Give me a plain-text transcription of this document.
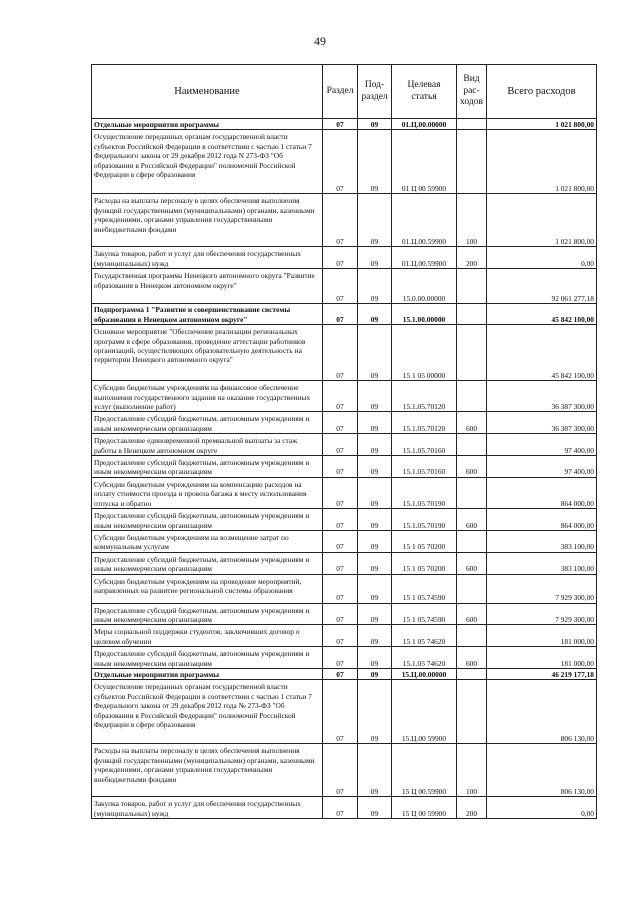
49
Наименование	Раздел	Под-раздел	Целевая статья	Вид рас-ходов	Всего расходов
Отдельные мероприятия программы	07	09	01.Ц.00.00000		1 021 800,00
Осуществление переданных органам государственной власти субъектов Российской Федерации в соответствии с частью 1 статьи 7 Федерального закона от 29 декабря 2012 года N 273-ФЗ "Об образовании в Российской Федерации" полномочий Российской Федерации в сфере образования	07	09	01 Ц 00 59900		1 021 800,00
Расходы на выплаты персоналу в целях обеспечения выполнения функций государственными (муниципальными) органами, казенными учреждениями, органами управления государственными внебюджетными фондами	07	09	01.Ц.00.59900	100	1 021 800,00
Закупка товаров, работ и услуг для обеспечения государственных (муниципальных) нужд	07	09	01.Ц.00.59900	200	0,00
Государственная программа Ненецкого автономного округа "Развитие образования в Ненецком автономном округе"	07	09	15.0.00.00000		92 061 277,18
Подпрограмма 1 "Развитие и совершенствование системы образования в Ненецком автономном округе"	07	09	15.1.00.00000		45 842 100,00
Основное мероприятие "Обеспечение реализации региональных программ в сфере образования, проведение аттестации работников организаций, осуществляющих образовательную деятельность на территории Ненецкого автономного округа"	07	09	15 1 05 00000		45 842 100,00
Субсидии бюджетным учреждениям на финансовое обеспечение выполнения государственного задания на оказание государственных услуг (выполнение работ)	07	09	15.1.05.70120		36 387 300,00
Предоставление субсидий бюджетным, автономным учреждениям и иным некоммерческим организациям	07	09	15.1.05.70120	600	36 387 300,00
Предоставление единовременной премиальной выплаты за стаж работы в Ненецком автономном округе	07	09	15.1.05.70160		97 400,00
Предоставление субсидий бюджетным, автономным учреждениям и иным некоммерческим организациям	07	09	15.1.05.70160	600	97 400,00
Субсидии бюджетным учреждениям на компенсацию расходов на оплату стоимости проезда и провоза багажа к месту использования отпуска и обратно	07	09	15.1.05.70190		864 000,00
Предоставление субсидий бюджетным, автономным учреждениям и иным некоммерческим организациям	07	09	15.1.05.70190	600	864 000,00
Субсидии бюджетным учреждениям на возмещение затрат по коммунальным услугам	07	09	15 1 05 70200		383 100,00
Предоставление субсидий бюджетным, автономным учреждениям и иным некоммерческим организациям	07	09	15 1 05 70200	600	383 100,00
Субсидии бюджетным учреждениям на проведение мероприятий, направленных на развитие региональной системы образования	07	09	15 1 05.74590		7 929 300,00
Предоставление субсидий бюджетным, автономным учреждениям и иным некоммерческим организациям	07	09	15 1 05.74590	600	7 929 300,00
Меры социальной поддержки студентов, заключивших договор о целевом обучении	07	09	15 1 05 74620		181 000,00
Предоставление субсидий бюджетным, автономным учреждениям и иным некоммерческим организациям	07	09	15.1.05 74620	600	181 000,00
Отдельные мероприятия программы	07	09	15.Ц.00.00000		46 219 177,18
Осуществление переданных органам государственной власти субъектов Российской Федерации в соответствии с частью 1 статьи 7 Федерального закона от 29 декабря 2012 года № 273-ФЗ "Об образовании в Российской Федерации" полномочий Российской Федерации в сфере образования	07	09	15.Ц.00 59900		806 130,00
Расходы на выплаты персоналу в целях обеспечения выполнения функций государственными (муниципальными) органами, казенными учреждениями, органами управления государственными внебюджетными фондами	07	09	15 Ц 00.59900	100	806 130,00
Закупка товаров, работ и услуг для обеспечения государственных (муниципальных) нужд	07	09	15 Ц 00 59900	200	0,00
